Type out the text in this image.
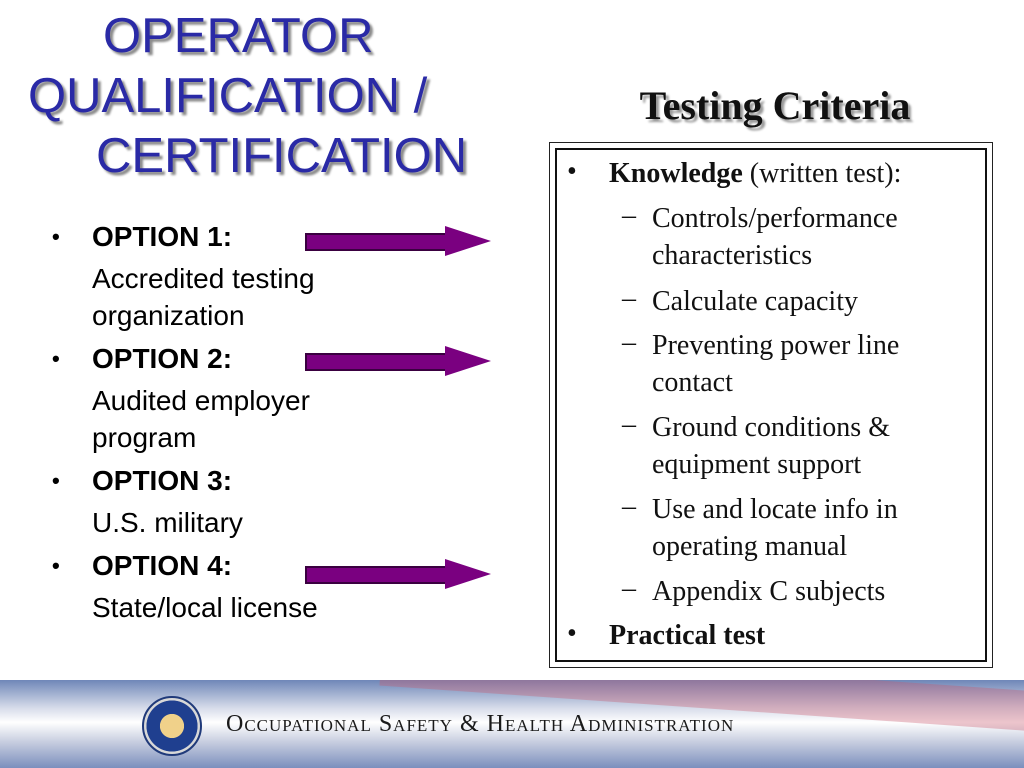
OPERATOR
QUALIFICATION /
CERTIFICATION
•	OPTION 1:
Accredited testing organization
•	OPTION 2:
Audited employer program
•	OPTION 3:
U.S. military
•	OPTION 4:
State/local license
Testing Criteria
• Knowledge (written test):
– Controls/performance characteristics
– Calculate capacity
– Preventing power line contact
– Ground conditions & equipment support
– Use and locate info in operating manual
– Appendix C subjects
• Practical test
Occupational Safety & Health Administration
